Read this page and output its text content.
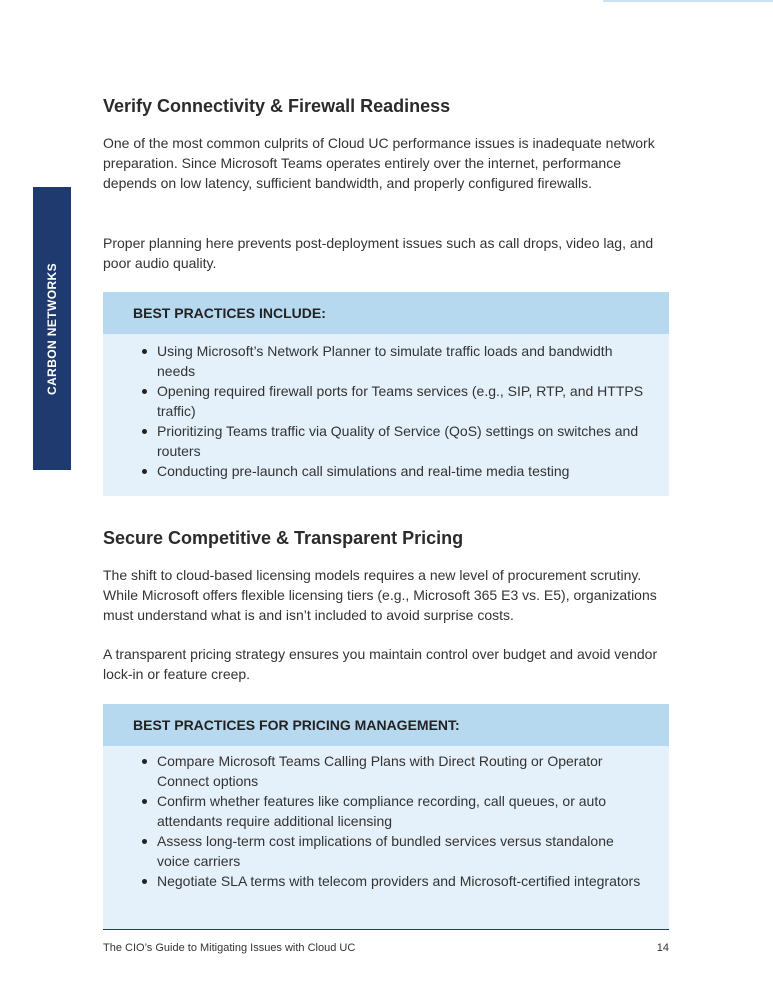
CARBON NETWORKS
Verify Connectivity & Firewall Readiness

One of the most common culprits of Cloud UC performance issues is inadequate network preparation. Since Microsoft Teams operates entirely over the internet, performance depends on low latency, sufficient bandwidth, and properly configured firewalls.

Proper planning here prevents post-deployment issues such as call drops, video lag, and poor audio quality.

BEST PRACTICES INCLUDE:
Using Microsoft’s Network Planner to simulate traffic loads and bandwidth needs
Opening required firewall ports for Teams services (e.g., SIP, RTP, and HTTPS traffic)
Prioritizing Teams traffic via Quality of Service (QoS) settings on switches and routers
Conducting pre-launch call simulations and real-time media testing
Secure Competitive & Transparent Pricing

The shift to cloud-based licensing models requires a new level of procurement scrutiny. While Microsoft offers flexible licensing tiers (e.g., Microsoft 365 E3 vs. E5), organizations must understand what is and isn’t included to avoid surprise costs.

A transparent pricing strategy ensures you maintain control over budget and avoid vendor lock-in or feature creep.

BEST PRACTICES FOR PRICING MANAGEMENT:
Compare Microsoft Teams Calling Plans with Direct Routing or Operator Connect options
Confirm whether features like compliance recording, call queues, or auto attendants require additional licensing
Assess long-term cost implications of bundled services versus standalone voice carriers
Negotiate SLA terms with telecom providers and Microsoft-certified integrators
The CIO’s Guide to Mitigating Issues with Cloud UC	14
